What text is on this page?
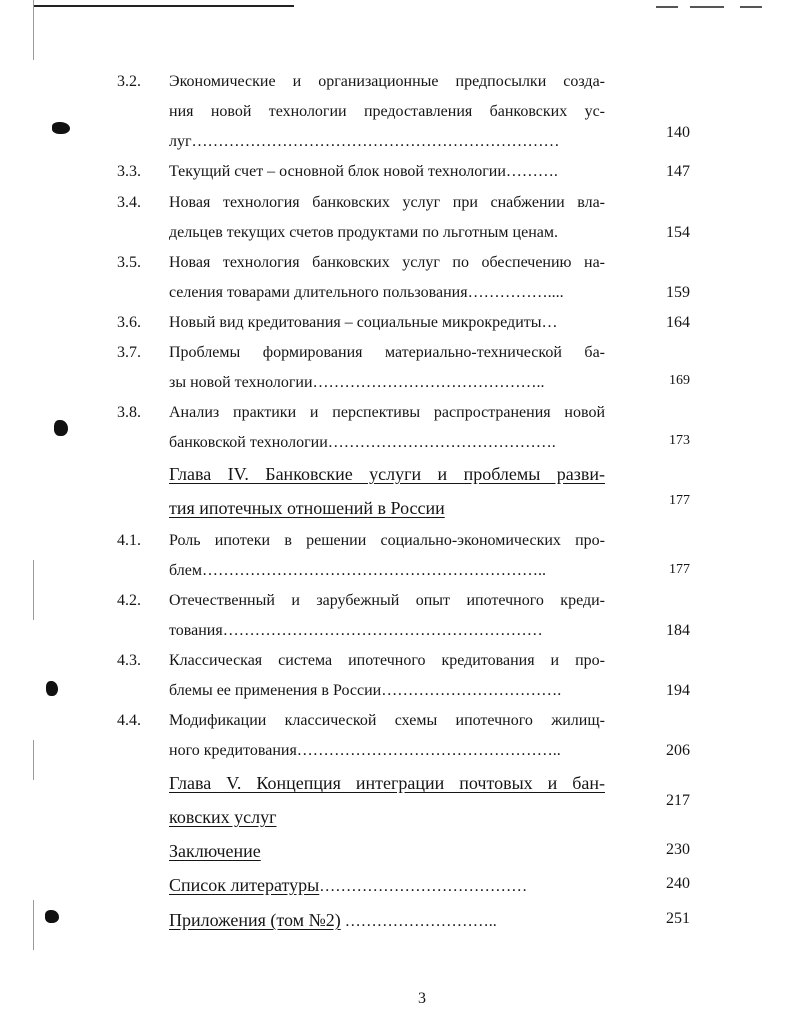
3.2. Экономические и организационные предпосылки созда-
ния новой технологии предоставления банковских ус-
луг……………………………………………………………
140
3.3. Текущий счет – основной блок новой технологии……….	147
3.4. Новая технология банковских услуг при снабжении вла-
дельцев текущих счетов продуктами по льготным ценам.	154
3.5. Новая технология банковских услуг по обеспечению на-
селения товарами длительного пользования……………....	159
3.6. Новый вид кредитования – социальные микрокредиты…	164
3.7. Проблемы формирования материально-технической ба-
зы новой технологии……………………………………..	169
3.8. Анализ практики и перспективы распространения новой
банковской технологии…………………………………….	173
Глава IV. Банковские услуги и проблемы разви-
тия ипотечных отношений в России	177
4.1. Роль ипотеки в решении социально-экономических про-
блем………………………………………………………..	177
4.2. Отечественный и зарубежный опыт ипотечного креди-
тования……………………………………………………	184
4.3. Классическая система ипотечного кредитования и про-
блемы ее применения в России…………………………….	194
4.4. Модификации классической схемы ипотечного жилищ-
ного кредитования…………………………………………..	206
Глава V. Концепция интеграции почтовых и бан-
ковских услуг
217
Заключение	230
Список литературы…………………………………	240
Приложения (том №2) ………………………..	251
3
